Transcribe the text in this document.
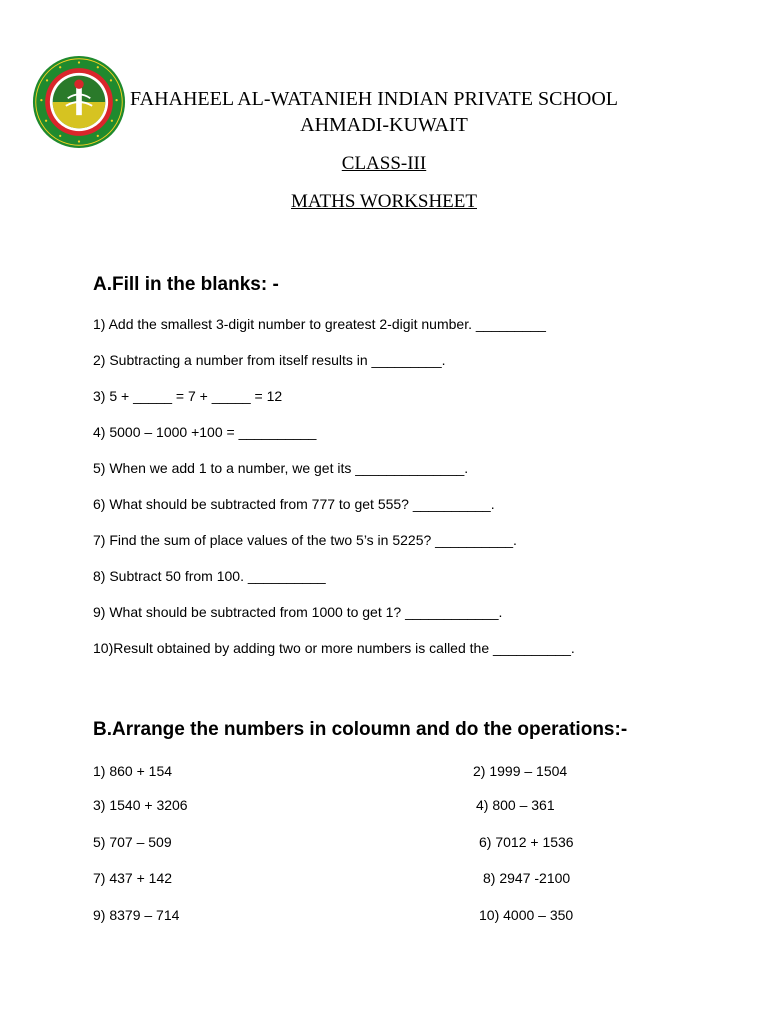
FAHAHEEL AL-WATANIEH INDIAN PRIVATE SCHOOL
AHMADI-KUWAIT
CLASS-III
MATHS WORKSHEET
A.Fill in the blanks: -
1) Add the smallest 3-digit number to greatest 2-digit number. _________
2) Subtracting a number from itself results in _________.
3) 5 + _____ = 7 + _____ = 12
4) 5000 – 1000 +100 = __________
5) When we add 1 to a number, we get its ______________.
6) What should be subtracted from 777 to get 555? __________.
7) Find the sum of place values of the two 5’s in 5225? __________.
8) Subtract 50 from 100. __________
9) What should be subtracted from 1000 to get 1? ____________.
10)Result obtained by adding two or more numbers is called the __________.
B.Arrange the numbers in coloumn and do the operations:-
1) 860 + 154	2) 1999 – 1504
3) 1540 + 3206	4) 800 – 361
5) 707 – 509	6) 7012 + 1536
7) 437 + 142	8) 2947 -2100
9) 8379 – 714	10) 4000 – 350
